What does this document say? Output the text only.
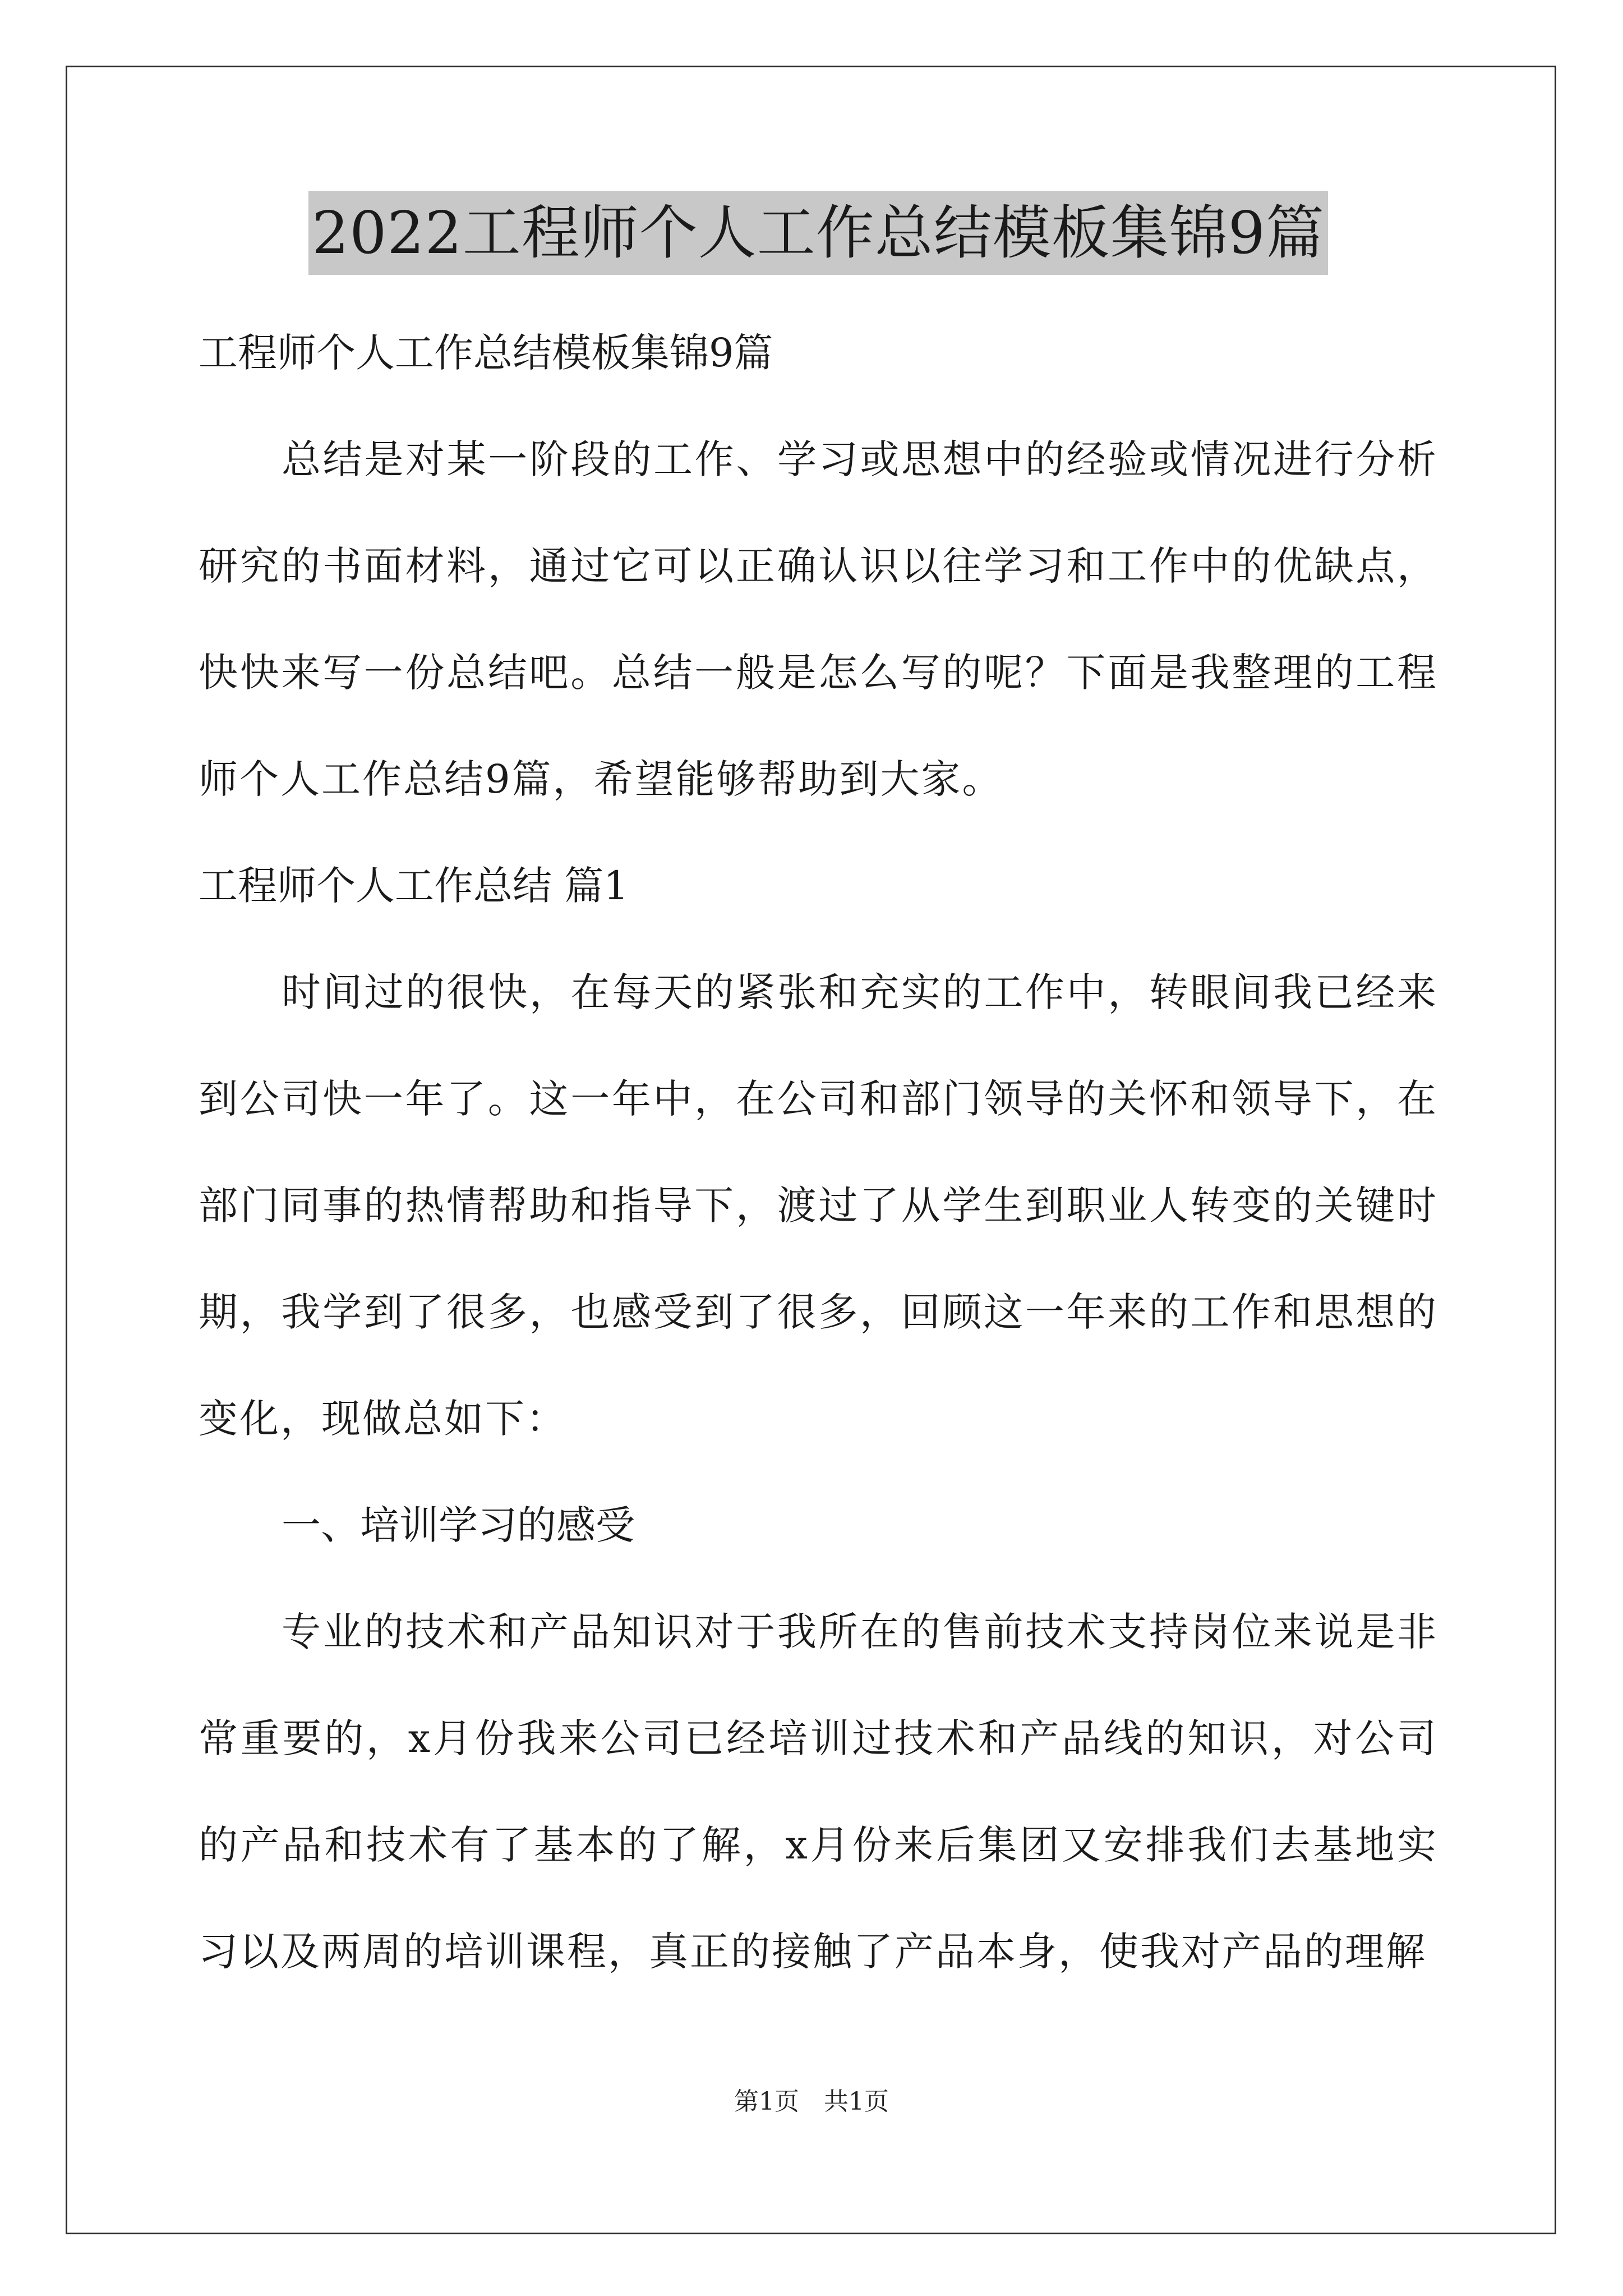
2022工程师个人工作总结模板集锦9篇

工程师个人工作总结模板集锦9篇

总结是对某一阶段的工作、学习或思想中的经验或情况进行分析研究的书面材料，通过它可以正确认识以往学习和工作中的优缺点，快快来写一份总结吧。总结一般是怎么写的呢？下面是我整理的工程师个人工作总结9篇，希望能够帮助到大家。

工程师个人工作总结 篇1

时间过的很快，在每天的紧张和充实的工作中，转眼间我已经来到公司快一年了。这一年中，在公司和部门领导的关怀和领导下，在部门同事的热情帮助和指导下，渡过了从学生到职业人转变的关键时期，我学到了很多，也感受到了很多，回顾这一年来的工作和思想的变化，现做总如下：

一、培训学习的感受

专业的技术和产品知识对于我所在的售前技术支持岗位来说是非常重要的，x月份我来公司已经培训过技术和产品线的知识，对公司的产品和技术有了基本的了解，x月份来后集团又安排我们去基地实习以及两周的培训课程，真正的接触了产品本身，使我对产品的理解

第1页　共1页
